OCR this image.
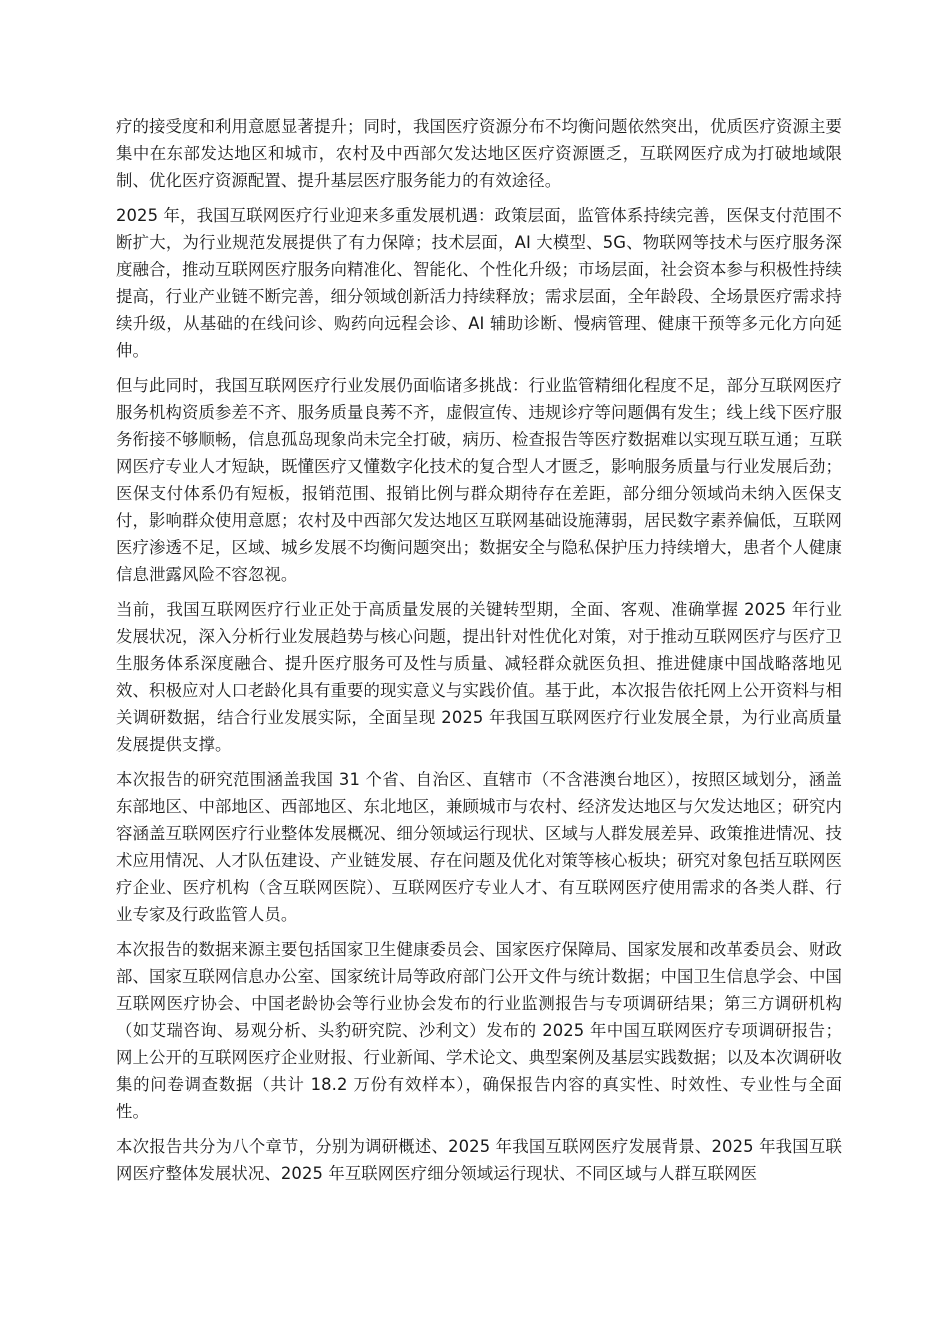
疗的接受度和利用意愿显著提升；同时，我国医疗资源分布不均衡问题依然突出，优质医疗资源主要集中在东部发达地区和城市，农村及中西部欠发达地区医疗资源匮乏，互联网医疗成为打破地域限制、优化医疗资源配置、提升基层医疗服务能力的有效途径。

2025 年，我国互联网医疗行业迎来多重发展机遇：政策层面，监管体系持续完善，医保支付范围不断扩大，为行业规范发展提供了有力保障；技术层面，AI 大模型、5G、物联网等技术与医疗服务深度融合，推动互联网医疗服务向精准化、智能化、个性化升级；市场层面，社会资本参与积极性持续提高，行业产业链不断完善，细分领域创新活力持续释放；需求层面，全年龄段、全场景医疗需求持续升级，从基础的在线问诊、购药向远程会诊、AI 辅助诊断、慢病管理、健康干预等多元化方向延伸。

但与此同时，我国互联网医疗行业发展仍面临诸多挑战：行业监管精细化程度不足，部分互联网医疗服务机构资质参差不齐、服务质量良莠不齐，虚假宣传、违规诊疗等问题偶有发生；线上线下医疗服务衔接不够顺畅，信息孤岛现象尚未完全打破，病历、检查报告等医疗数据难以实现互联互通；互联网医疗专业人才短缺，既懂医疗又懂数字化技术的复合型人才匮乏，影响服务质量与行业发展后劲；医保支付体系仍有短板，报销范围、报销比例与群众期待存在差距，部分细分领域尚未纳入医保支付，影响群众使用意愿；农村及中西部欠发达地区互联网基础设施薄弱，居民数字素养偏低，互联网医疗渗透不足，区域、城乡发展不均衡问题突出；数据安全与隐私保护压力持续增大，患者个人健康信息泄露风险不容忽视。

当前，我国互联网医疗行业正处于高质量发展的关键转型期，全面、客观、准确掌握 2025 年行业发展状况，深入分析行业发展趋势与核心问题，提出针对性优化对策，对于推动互联网医疗与医疗卫生服务体系深度融合、提升医疗服务可及性与质量、减轻群众就医负担、推进健康中国战略落地见效、积极应对人口老龄化具有重要的现实意义与实践价值。基于此，本次报告依托网上公开资料与相关调研数据，结合行业发展实际，全面呈现 2025 年我国互联网医疗行业发展全景，为行业高质量发展提供支撑。

本次报告的研究范围涵盖我国 31 个省、自治区、直辖市（不含港澳台地区），按照区域划分，涵盖东部地区、中部地区、西部地区、东北地区，兼顾城市与农村、经济发达地区与欠发达地区；研究内容涵盖互联网医疗行业整体发展概况、细分领域运行现状、区域与人群发展差异、政策推进情况、技术应用情况、人才队伍建设、产业链发展、存在问题及优化对策等核心板块；研究对象包括互联网医疗企业、医疗机构（含互联网医院）、互联网医疗专业人才、有互联网医疗使用需求的各类人群、行业专家及行政监管人员。

本次报告的数据来源主要包括国家卫生健康委员会、国家医疗保障局、国家发展和改革委员会、财政部、国家互联网信息办公室、国家统计局等政府部门公开文件与统计数据；中国卫生信息学会、中国互联网医疗协会、中国老龄协会等行业协会发布的行业监测报告与专项调研结果；第三方调研机构（如艾瑞咨询、易观分析、头豹研究院、沙利文）发布的 2025 年中国互联网医疗专项调研报告；网上公开的互联网医疗企业财报、行业新闻、学术论文、典型案例及基层实践数据；以及本次调研收集的问卷调查数据（共计 18.2 万份有效样本），确保报告内容的真实性、时效性、专业性与全面性。

本次报告共分为八个章节，分别为调研概述、2025 年我国互联网医疗发展背景、2025 年我国互联网医疗整体发展状况、2025 年互联网医疗细分领域运行现状、不同区域与人群互联网医
